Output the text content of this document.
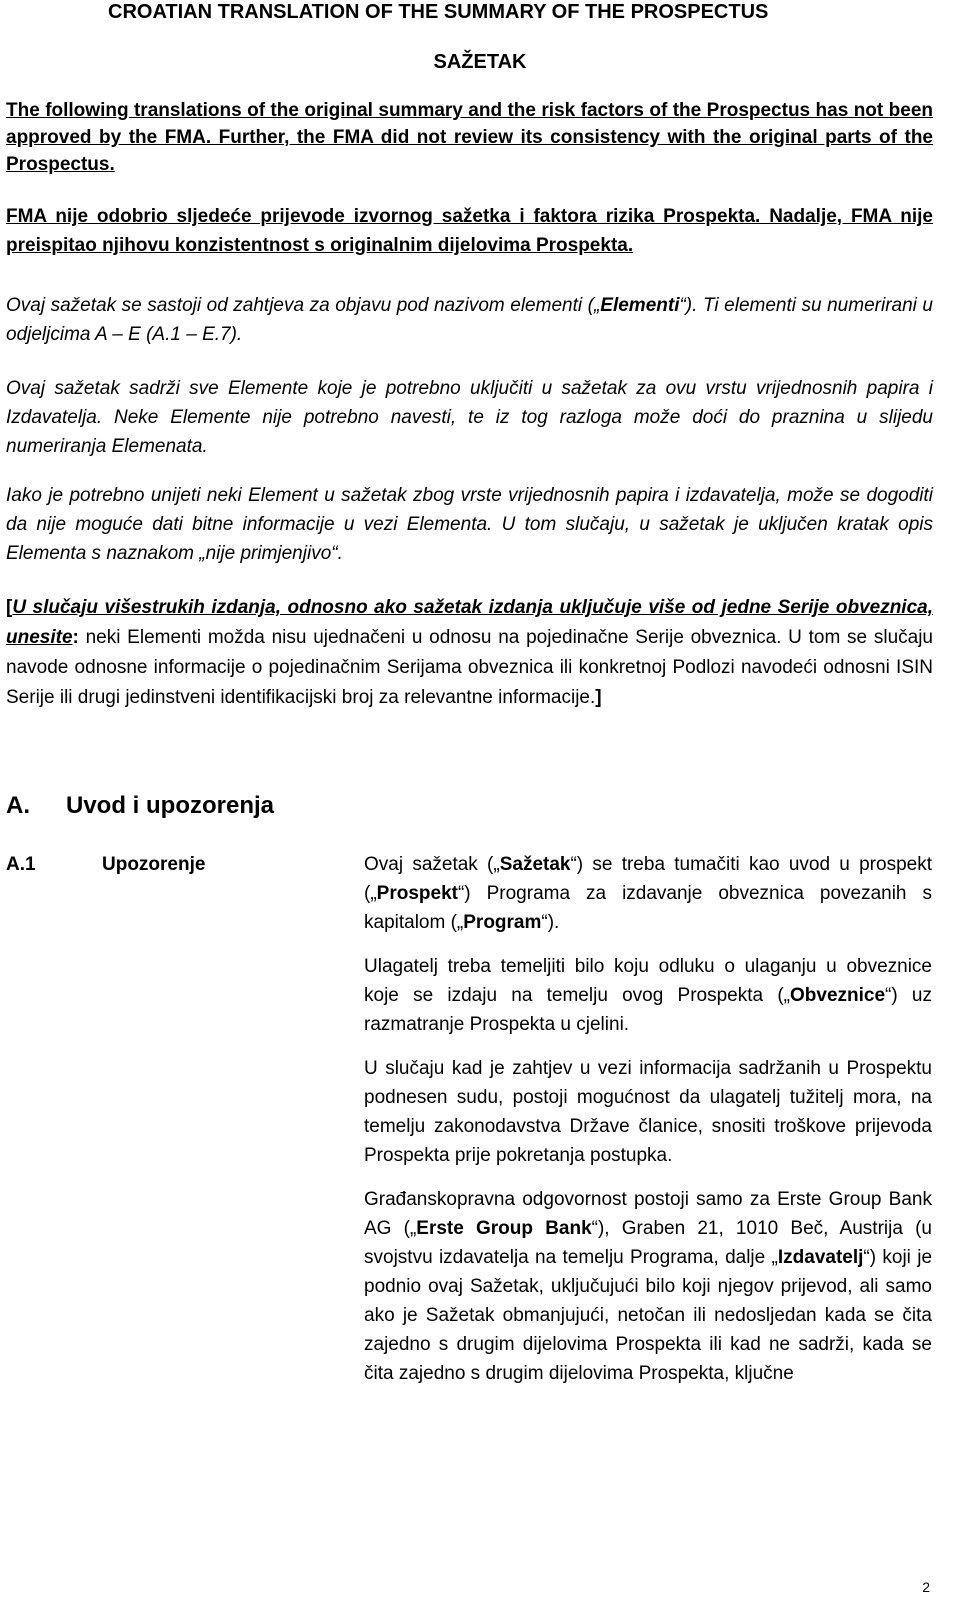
CROATIAN TRANSLATION OF THE SUMMARY OF THE PROSPECTUS
SAŽETAK

The following translations of the original summary and the risk factors of the Prospectus has not been approved by the FMA. Further, the FMA did not review its consistency with the original parts of the Prospectus.

FMA nije odobrio sljedeće prijevode izvornog sažetka i faktora rizika Prospekta. Nadalje, FMA nije preispitao njihovu konzistentnost s originalnim dijelovima Prospekta.

Ovaj sažetak se sastoji od zahtjeva za objavu pod nazivom elementi („Elementi“). Ti elementi su numerirani u odjeljcima A – E (A.1 – E.7).

Ovaj sažetak sadrži sve Elemente koje je potrebno uključiti u sažetak za ovu vrstu vrijednosnih papira i Izdavatelja. Neke Elemente nije potrebno navesti, te iz tog razloga može doći do praznina u slijedu numeriranja Elemenata.

Iako je potrebno unijeti neki Element u sažetak zbog vrste vrijednosnih papira i izdavatelja, može se dogoditi da nije moguće dati bitne informacije u vezi Elementa. U tom slučaju, u sažetak je uključen kratak opis Elementa s naznakom „nije primjenjivo“.

[U slučaju višestrukih izdanja, odnosno ako sažetak izdanja uključuje više od jedne Serije obveznica, unesite: neki Elementi možda nisu ujednačeni u odnosu na pojedinačne Serije obveznica. U tom se slučaju navode odnosne informacije o pojedinačnim Serijama obveznica ili konkretnoj Podlozi navodeći odnosni ISIN Serije ili drugi jedinstveni identifikacijski broj za relevantne informacije.]

A. Uvod i upozorenja
A.1	Upozorenje	Ovaj sažetak („Sažetak“) se treba tumačiti kao uvod u prospekt („Prospekt“) Programa za izdavanje obveznica povezanih s kapitalom („Program“).

Ulagatelj treba temeljiti bilo koju odluku o ulaganju u obveznice koje se izdaju na temelju ovog Prospekta („Obveznice“) uz razmatranje Prospekta u cjelini.

U slučaju kad je zahtjev u vezi informacija sadržanih u Prospektu podnesen sudu, postoji mogućnost da ulagatelj tužitelj mora, na temelju zakonodavstva Države članice, snositi troškove prijevoda Prospekta prije pokretanja postupka.

Građanskopravna odgovornost postoji samo za Erste Group Bank AG („Erste Group Bank“), Graben 21, 1010 Beč, Austrija (u svojstvu izdavatelja na temelju Programa, dalje „Izdavatelj“) koji je podnio ovaj Sažetak, uključujući bilo koji njegov prijevod, ali samo ako je Sažetak obmanjujući, netočan ili nedosljedan kada se čita zajedno s drugim dijelovima Prospekta ili kad ne sadrži, kada se čita zajedno s drugim dijelovima Prospekta, ključne

2
